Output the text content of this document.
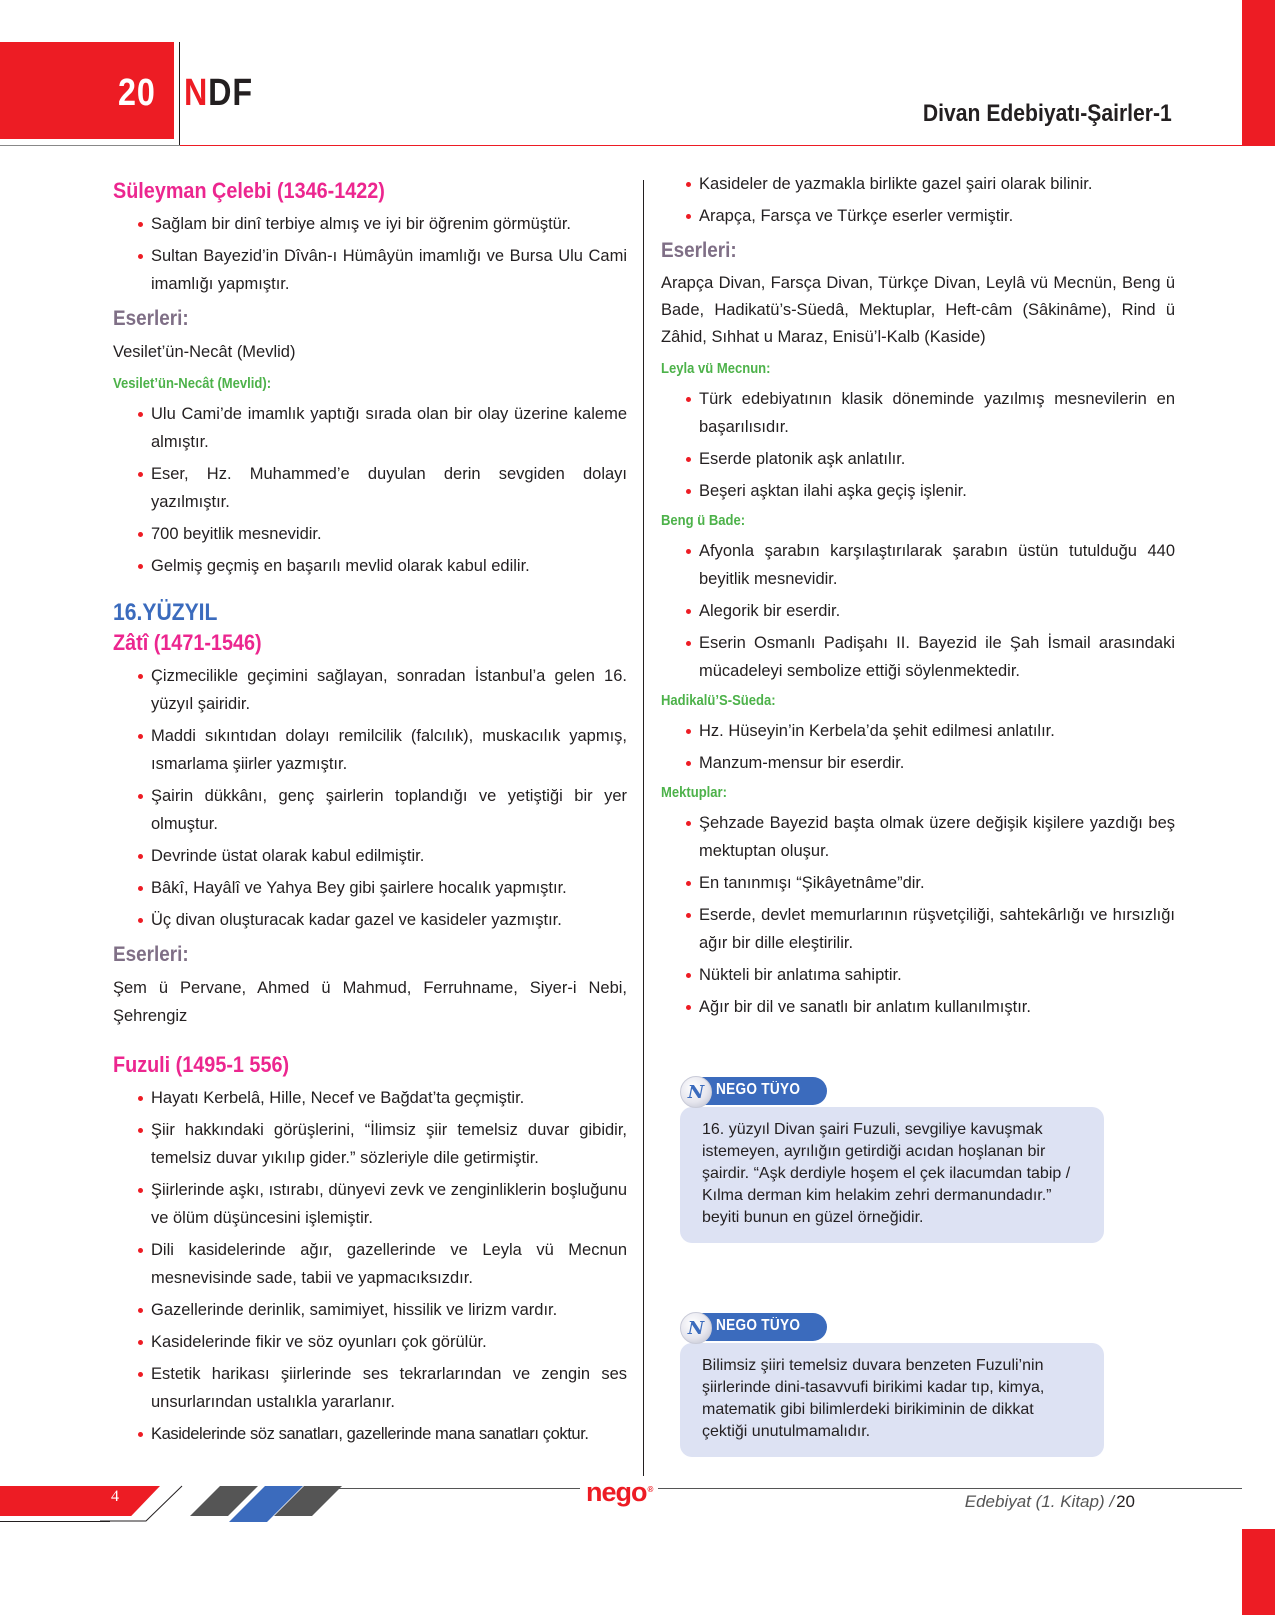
20 NDF	Divan Edebiyatı-Şairler-1
Süleyman Çelebi (1346-1422)
Sağlam bir dinî terbiye almış ve iyi bir öğrenim görmüştür.
Sultan Bayezid’in Dîvân-ı Hümâyün imamlığı ve Bursa Ulu Cami imamlığı yapmıştır.
Eserleri:
Vesilet’ün-Necât (Mevlid)
Vesilet’ün-Necât (Mevlid):
Ulu Cami’de imamlık yaptığı sırada olan bir olay üzerine kaleme almıştır.
Eser, Hz. Muhammed’e duyulan derin sevgiden dolayı yazılmıştır.
700 beyitlik mesnevidir.
Gelmiş geçmiş en başarılı mevlid olarak kabul edilir.
16.YÜZYIL
Zâtî (1471-1546)
Çizmecilikle geçimini sağlayan, sonradan İstanbul’a gelen 16. yüzyıl şairidir.
Maddi sıkıntıdan dolayı remilcilik (falcılık), muskacılık yapmış, ısmarlama şiirler yazmıştır.
Şairin dükkânı, genç şairlerin toplandığı ve yetiştiği bir yer olmuştur.
Devrinde üstat olarak kabul edilmiştir.
Bâkî, Hayâlî ve Yahya Bey gibi şairlere hocalık yapmıştır.
Üç divan oluşturacak kadar gazel ve kasideler yazmıştır.
Eserleri:
Şem ü Pervane, Ahmed ü Mahmud, Ferruhname, Siyer-i Nebi, Şehrengiz
Fuzuli (1495-1 556)
Hayatı Kerbelâ, Hille, Necef ve Bağdat’ta geçmiştir.
Şiir hakkındaki görüşlerini, “İlimsiz şiir temelsiz duvar gibidir, temelsiz duvar yıkılıp gider.” sözleriyle dile getirmiştir.
Şiirlerinde aşkı, ıstırabı, dünyevi zevk ve zenginliklerin boşluğunu ve ölüm düşüncesini işlemiştir.
Dili kasidelerinde ağır, gazellerinde ve Leyla vü Mecnun mesnevisinde sade, tabii ve yapmacıksızdır.
Gazellerinde derinlik, samimiyet, hissilik ve lirizm vardır.
Kasidelerinde fikir ve söz oyunları çok görülür.
Estetik harikası şiirlerinde ses tekrarlarından ve zengin ses unsurlarından ustalıkla yararlanır.
Kasidelerinde söz sanatları, gazellerinde mana sanatları çoktur.
Kasideler de yazmakla birlikte gazel şairi olarak bilinir.
Arapça, Farsça ve Türkçe eserler vermiştir.
Eserleri:
Arapça Divan, Farsça Divan, Türkçe Divan, Leylâ vü Mecnün, Beng ü Bade, Hadikatü’s-Süedâ, Mektuplar, Heft-câm (Sâkinâme), Rind ü Zâhid, Sıhhat u Maraz, Enisü’l-Kalb (Kaside)
Leyla vü Mecnun:
Türk edebiyatının klasik döneminde yazılmış mesnevilerin en başarılısıdır.
Eserde platonik aşk anlatılır.
Beşeri aşktan ilahi aşka geçiş işlenir.
Beng ü Bade:
Afyonla şarabın karşılaştırılarak şarabın üstün tutulduğu 440 beyitlik mesnevidir.
Alegorik bir eserdir.
Eserin Osmanlı Padişahı II. Bayezid ile Şah İsmail arasındaki mücadeleyi sembolize ettiği söylenmektedir.
Hadikalü’S-Süeda:
Hz. Hüseyin’in Kerbela’da şehit edilmesi anlatılır.
Manzum-mensur bir eserdir.
Mektuplar:
Şehzade Bayezid başta olmak üzere değişik kişilere yazdığı beş mektuptan oluşur.
En tanınmışı “Şikâyetnâme”dir.
Eserde, devlet memurlarının rüşvetçiliği, sahtekârlığı ve hırsızlığı ağır bir dille eleştirilir.
Nükteli bir anlatıma sahiptir.
Ağır bir dil ve sanatlı bir anlatım kullanılmıştır.
N NEGO TÜYO
16. yüzyıl Divan şairi Fuzuli, sevgiliye kavuşmak istemeyen, ayrılığın getirdiği acıdan hoşlanan bir şairdir. “Aşk derdiyle hoşem el çek ilacumdan tabip / Kılma derman kim helakim zehri dermanundadır.” beyiti bunun en güzel örneğidir.
N NEGO TÜYO
Bilimsiz şiiri temelsiz duvara benzeten Fuzuli’nin şiirlerinde dini-tasavvufi birikimi kadar tıp, kimya, matematik gibi bilimlerdeki birikiminin de dikkat çektiği unutulmamalıdır.
4	nego ®
Edebiyat (1. Kitap) / 20
